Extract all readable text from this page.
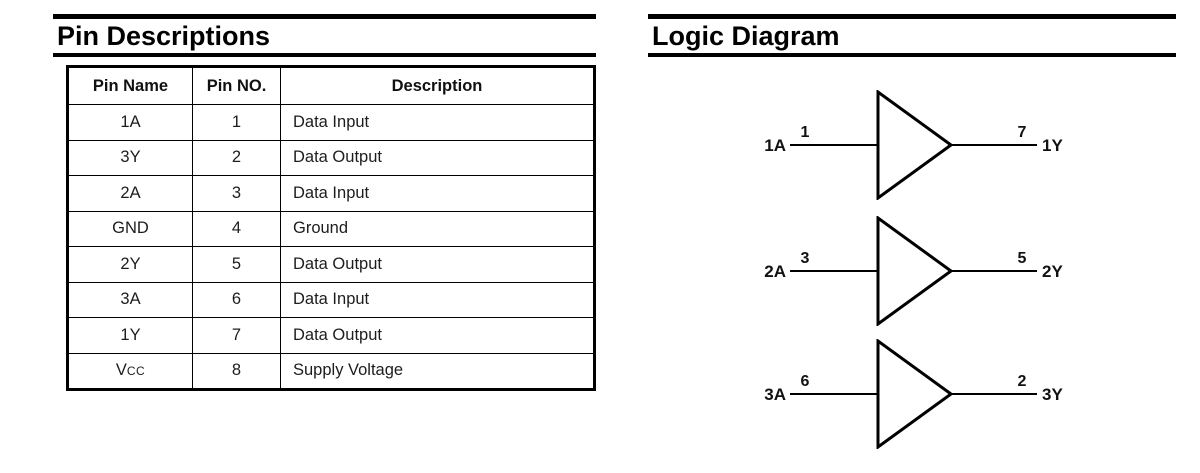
Pin Descriptions
Pin Name	Pin NO.	Description
1A	1	Data Input
3Y	2	Data Output
2A	3	Data Input
GND	4	Ground
2Y	5	Data Output
3A	6	Data Input
1Y	7	Data Output
VCC	8	Supply Voltage
Logic Diagram
1A
1	7
1Y
2A
3	5
2Y
3A
6	2
3Y
